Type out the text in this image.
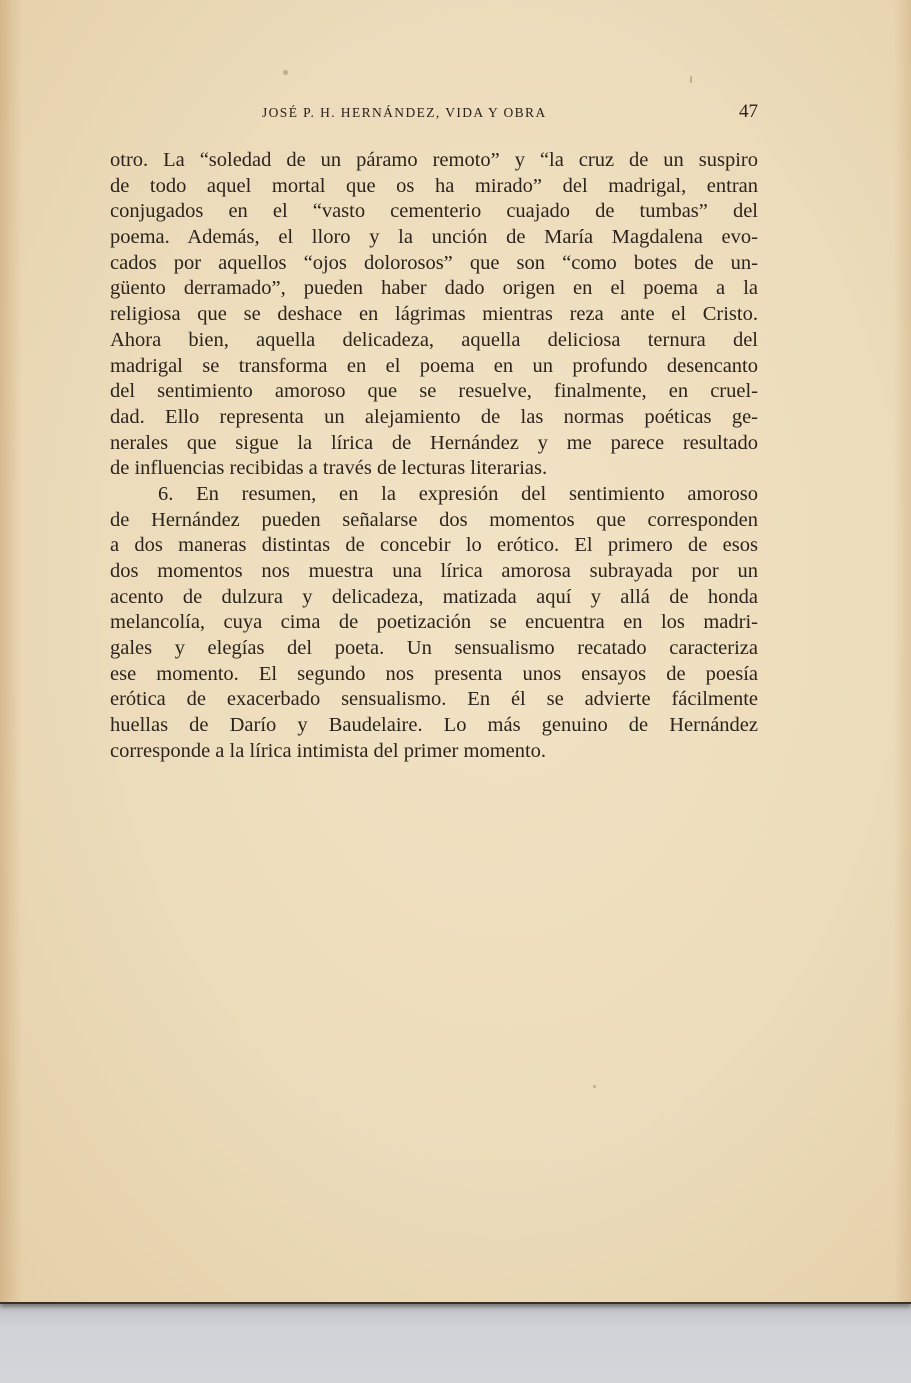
JOSÉ P. H. HERNÁNDEZ, VIDA Y OBRA	47
otro. La “soledad de un páramo remoto” y “la cruz de un suspiro
de todo aquel mortal que os ha mirado” del madrigal, entran
conjugados en el “vasto cementerio cuajado de tumbas” del
poema. Además, el lloro y la unción de María Magdalena evo-
cados por aquellos “ojos dolorosos” que son “como botes de un-
güento derramado”, pueden haber dado origen en el poema a la
religiosa que se deshace en lágrimas mientras reza ante el Cristo.
Ahora bien, aquella delicadeza, aquella deliciosa ternura del
madrigal se transforma en el poema en un profundo desencanto
del sentimiento amoroso que se resuelve, finalmente, en cruel-
dad. Ello representa un alejamiento de las normas poéticas ge-
nerales que sigue la lírica de Hernández y me parece resultado
de influencias recibidas a través de lecturas literarias.
6. En resumen, en la expresión del sentimiento amoroso
de Hernández pueden señalarse dos momentos que corresponden
a dos maneras distintas de concebir lo erótico. El primero de esos
dos momentos nos muestra una lírica amorosa subrayada por un
acento de dulzura y delicadeza, matizada aquí y allá de honda
melancolía, cuya cima de poetización se encuentra en los madri-
gales y elegías del poeta. Un sensualismo recatado caracteriza
ese momento. El segundo nos presenta unos ensayos de poesía
erótica de exacerbado sensualismo. En él se advierte fácilmente
huellas de Darío y Baudelaire. Lo más genuino de Hernández
corresponde a la lírica intimista del primer momento.
